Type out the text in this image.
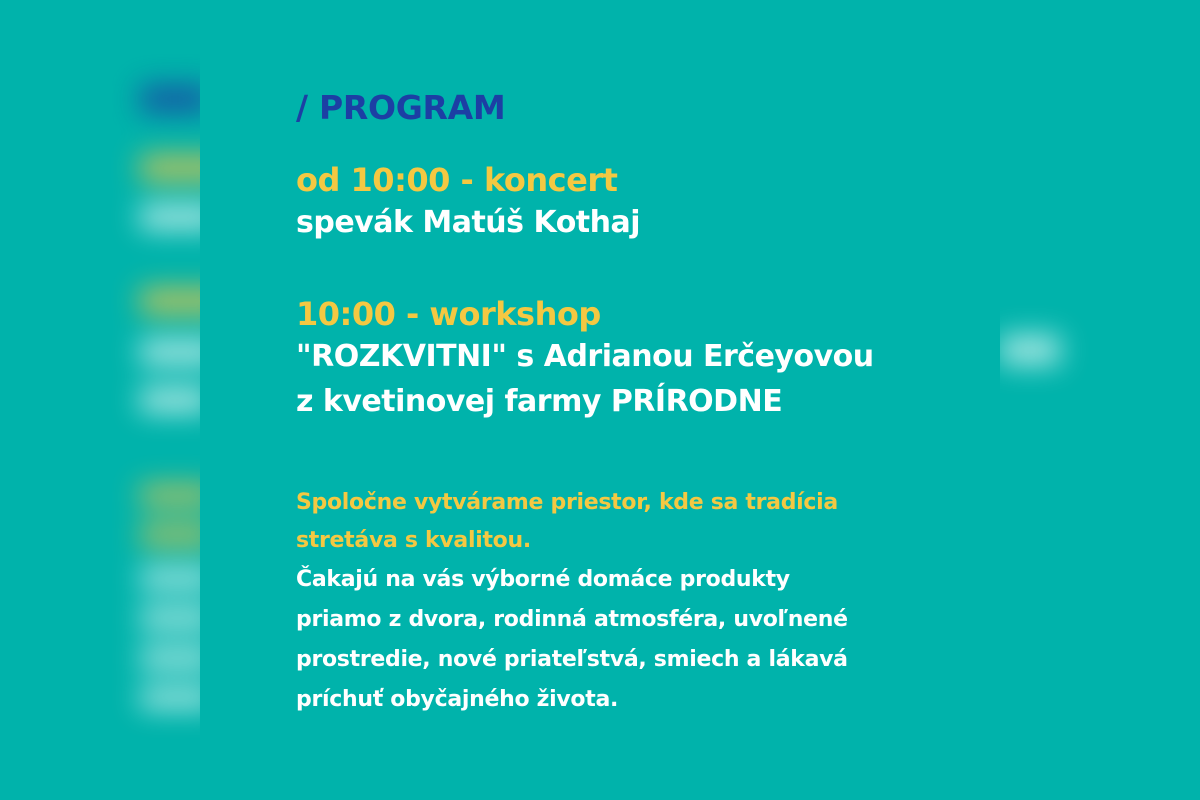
/ PROGRAM
od 10:00 - koncert
spevák Matúš Kothaj
10:00 - workshop
"ROZKVITNI" s Adrianou Erčeyovou
z kvetinovej farmy PRÍRODNE
Spoločne vytvárame priestor, kde sa tradícia
stretáva s kvalitou.
Čakajú na vás výborné domáce produkty
priamo z dvora, rodinná atmosféra, uvoľnené
prostredie, nové priateľstvá, smiech a lákavá
príchuť obyčajného života.
